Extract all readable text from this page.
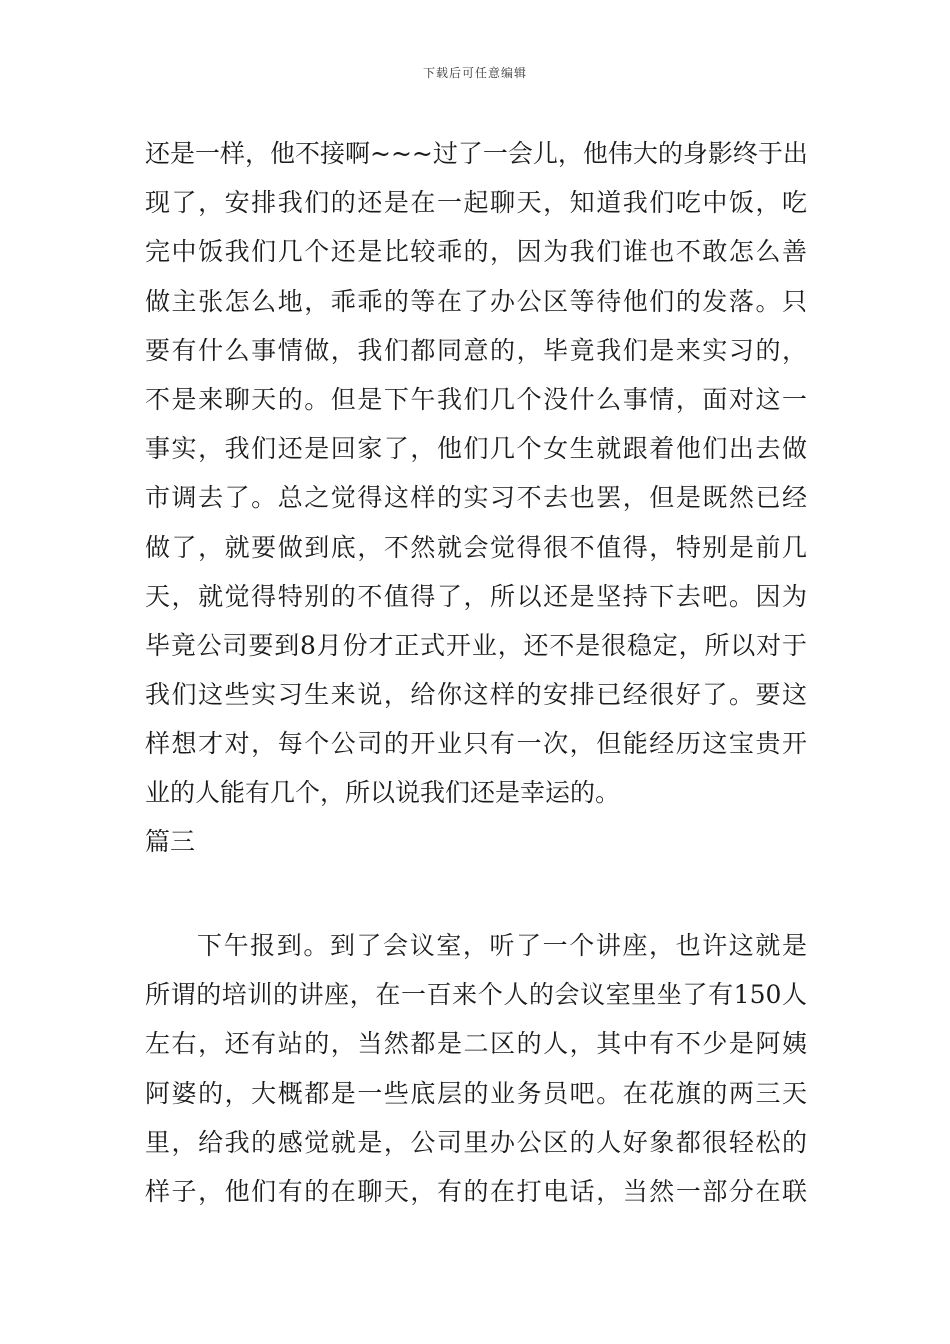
下载后可任意编辑
还是一样，他不接啊~~~过了一会儿，他伟大的身影终于出
现了，安排我们的还是在一起聊天，知道我们吃中饭，吃
完中饭我们几个还是比较乖的，因为我们谁也不敢怎么善
做主张怎么地，乖乖的等在了办公区等待他们的发落。只
要有什么事情做，我们都同意的，毕竟我们是来实习的，
不是来聊天的。但是下午我们几个没什么事情，面对这一
事实，我们还是回家了，他们几个女生就跟着他们出去做
市调去了。总之觉得这样的实习不去也罢，但是既然已经
做了，就要做到底，不然就会觉得很不值得，特别是前几
天，就觉得特别的不值得了，所以还是坚持下去吧。因为
毕竟公司要到8月份才正式开业，还不是很稳定，所以对于
我们这些实习生来说，给你这样的安排已经很好了。要这
样想才对，每个公司的开业只有一次，但能经历这宝贵开
业的人能有几个，所以说我们还是幸运的。
篇三
下午报到。到了会议室，听了一个讲座，也许这就是
所谓的培训的讲座，在一百来个人的会议室里坐了有150人
左右，还有站的，当然都是二区的人，其中有不少是阿姨
阿婆的，大概都是一些底层的业务员吧。在花旗的两三天
里，给我的感觉就是，公司里办公区的人好象都很轻松的
样子，他们有的在聊天，有的在打电话，当然一部分在联
